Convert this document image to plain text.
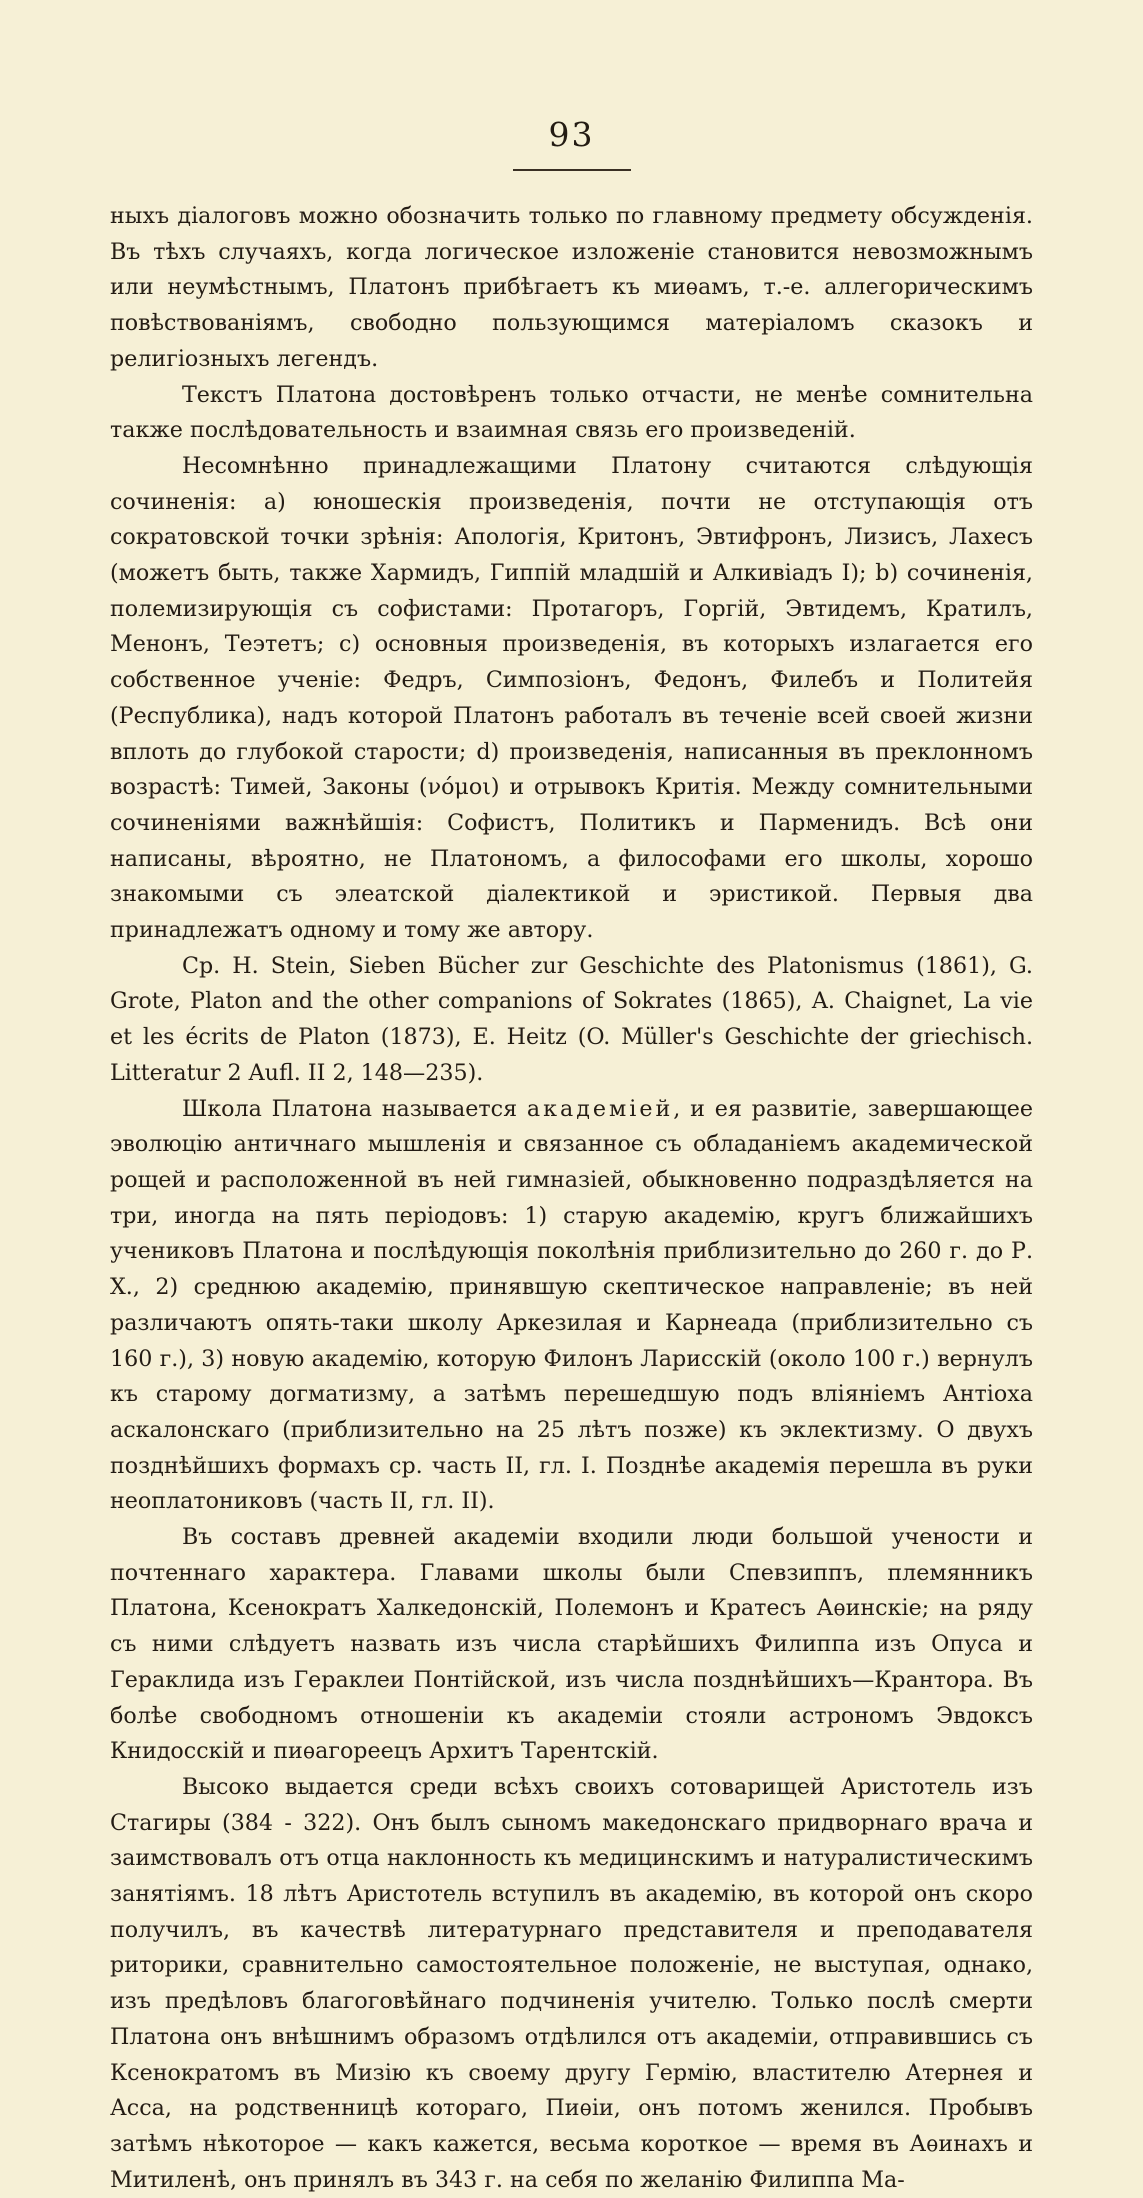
93

ныхъ діалоговъ можно обозначить только по главному предмету обсужденія. Въ тѣхъ случаяхъ, когда логическое изложеніе становится невозможнымъ или неумѣстнымъ, Платонъ прибѣгаетъ къ миѳамъ, т.-е. аллегорическимъ повѣствованіямъ, свободно пользующимся матеріаломъ сказокъ и религіозныхъ легендъ.

Текстъ Платона достовѣренъ только отчасти, не менѣе сомнительна также послѣдовательность и взаимная связь его произведеній.

Несомнѣнно принадлежащими Платону считаются слѣдующія сочиненія: а) юношескія произведенія, почти не отступающія отъ сократовской точки зрѣнія: Апологія, Критонъ, Эвтифронъ, Лизисъ, Лахесъ (можетъ быть, также Хармидъ, Гиппій младшій и Алкивіадъ I); b) сочиненія, полемизирующія съ софистами: Протагоръ, Горгій, Эвтидемъ, Кратилъ, Менонъ, Теэтетъ; c) основныя произведенія, въ которыхъ излагается его собственное ученіе: Федръ, Симпозіонъ, Федонъ, Филебъ и Политейя (Республика), надъ которой Платонъ работалъ въ теченіе всей своей жизни вплоть до глубокой старости; d) произведенія, написанныя въ преклонномъ возрастѣ: Тимей, Законы (νόμοι) и отрывокъ Критія. Между сомнительными сочиненіями важнѣйшія: Софистъ, Политикъ и Парменидъ. Всѣ они написаны, вѣроятно, не Платономъ, а философами его школы, хорошо знакомыми съ элеатской діалектикой и эристикой. Первыя два принадлежатъ одному и тому же автору.

Ср. H. Stein, Sieben Bücher zur Geschichte des Platonismus (1861), G. Grote, Platon and the other companions of Sokrates (1865), A. Chaignet, La vie et les écrits de Platon (1873), E. Heitz (O. Müller's Geschichte der griechisch. Litteratur 2 Aufl. II 2, 148—235).

Школа Платона называется академіей, и ея развитіе, завершающее эволюцію античнаго мышленія и связанное съ обладаніемъ академической рощей и расположенной въ ней гимназіей, обыкновенно подраздѣляется на три, иногда на пять періодовъ: 1) старую академію, кругъ ближайшихъ учениковъ Платона и послѣдующія поколѣнія приблизительно до 260 г. до Р. Х., 2) среднюю академію, принявшую скептическое направленіе; въ ней различаютъ опять-таки школу Аркезилая и Карнеада (приблизительно съ 160 г.), 3) новую академію, которую Филонъ Ларисскій (около 100 г.) вернулъ къ старому догматизму, а затѣмъ перешедшую подъ вліяніемъ Антіоха аскалонскаго (приблизительно на 25 лѣтъ позже) къ эклектизму. О двухъ позднѣйшихъ формахъ ср. часть II, гл. I. Позднѣе академія перешла въ руки неоплатониковъ (часть II, гл. II).

Въ составъ древней академіи входили люди большой учености и почтеннаго характера. Главами школы были Спевзиппъ, племянникъ Платона, Ксенократъ Халкедонскій, Полемонъ и Кратесъ Аѳинскіе; на ряду съ ними слѣдуетъ назвать изъ числа старѣйшихъ Филиппа изъ Опуса и Гераклида изъ Гераклеи Понтійской, изъ числа позднѣйшихъ—Крантора. Въ болѣе свободномъ отношеніи къ академіи стояли астрономъ Эвдоксъ Книдосскій и пиѳагореецъ Архитъ Тарентскій.

Высоко выдается среди всѣхъ своихъ сотоварищей Аристотель изъ Стагиры (384 - 322). Онъ былъ сыномъ македонскаго придворнаго врача и заимствовалъ отъ отца наклонность къ медицинскимъ и натуралистическимъ занятіямъ. 18 лѣтъ Аристотель вступилъ въ академію, въ которой онъ скоро получилъ, въ качествѣ литературнаго представителя и преподавателя риторики, сравнительно самостоятельное положеніе, не выступая, однако, изъ предѣловъ благоговѣйнаго подчиненія учителю. Только послѣ смерти Платона онъ внѣшнимъ образомъ отдѣлился отъ академіи, отправившись съ Ксенократомъ въ Мизію къ своему другу Гермію, властителю Атернея и Асса, на родственницѣ котораго, Пиѳіи, онъ потомъ женился. Пробывъ затѣмъ нѣкоторое — какъ кажется, весьма короткое — время въ Аѳинахъ и Митиленѣ, онъ принялъ въ 343 г. на себя по желанію Филиппа Ма-
